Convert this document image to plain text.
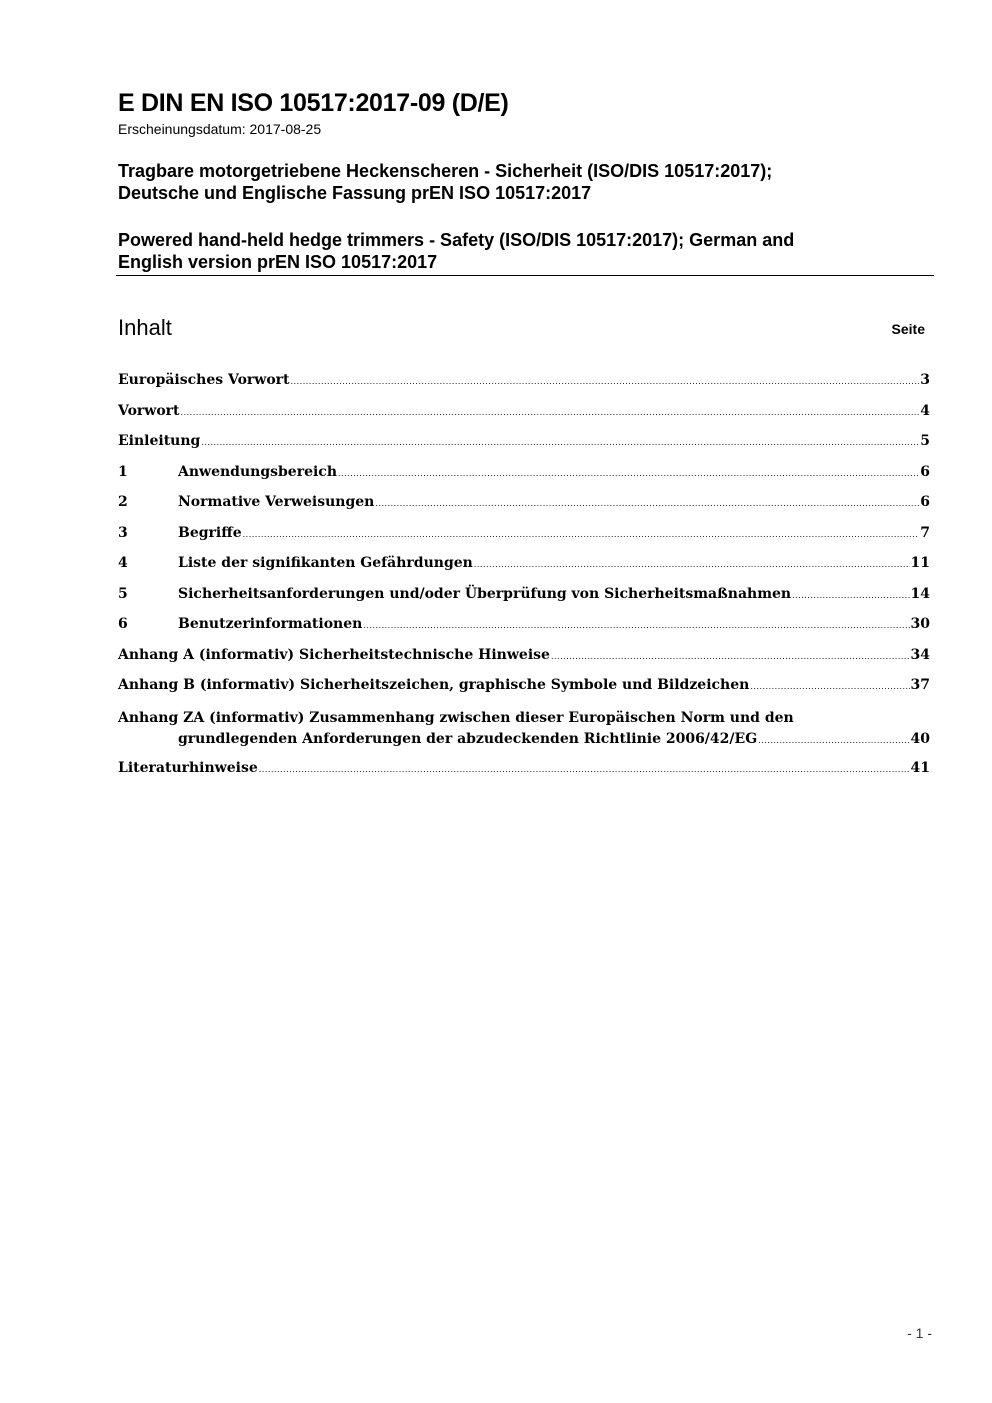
E DIN EN ISO 10517:2017-09 (D/E)
Erscheinungsdatum: 2017-08-25
Tragbare motorgetriebene Heckenscheren - Sicherheit (ISO/DIS 10517:2017);
Deutsche und Englische Fassung prEN ISO 10517:2017
Powered hand-held hedge trimmers - Safety (ISO/DIS 10517:2017); German and
English version prEN ISO 10517:2017
Inhalt	Seite
Europäisches Vorwort .....	3
Vorwort .....	4
Einleitung .....	5
1	Anwendungsbereich .....	6
2	Normative Verweisungen .....	6
3	Begriffe .....	7
4	Liste der signifikanten Gefährdungen .....	11
5	Sicherheitsanforderungen und/oder Überprüfung von Sicherheitsmaßnahmen .....	14
6	Benutzerinformationen .....	30
Anhang A (informativ) Sicherheitstechnische Hinweise .....	34
Anhang B (informativ) Sicherheitszeichen, graphische Symbole und Bildzeichen .....	37
Anhang ZA (informativ) Zusammenhang zwischen dieser Europäischen Norm und den
grundlegenden Anforderungen der abzudeckenden Richtlinie 2006/42/EG .....	40
Literaturhinweise .....	41
- 1 -
